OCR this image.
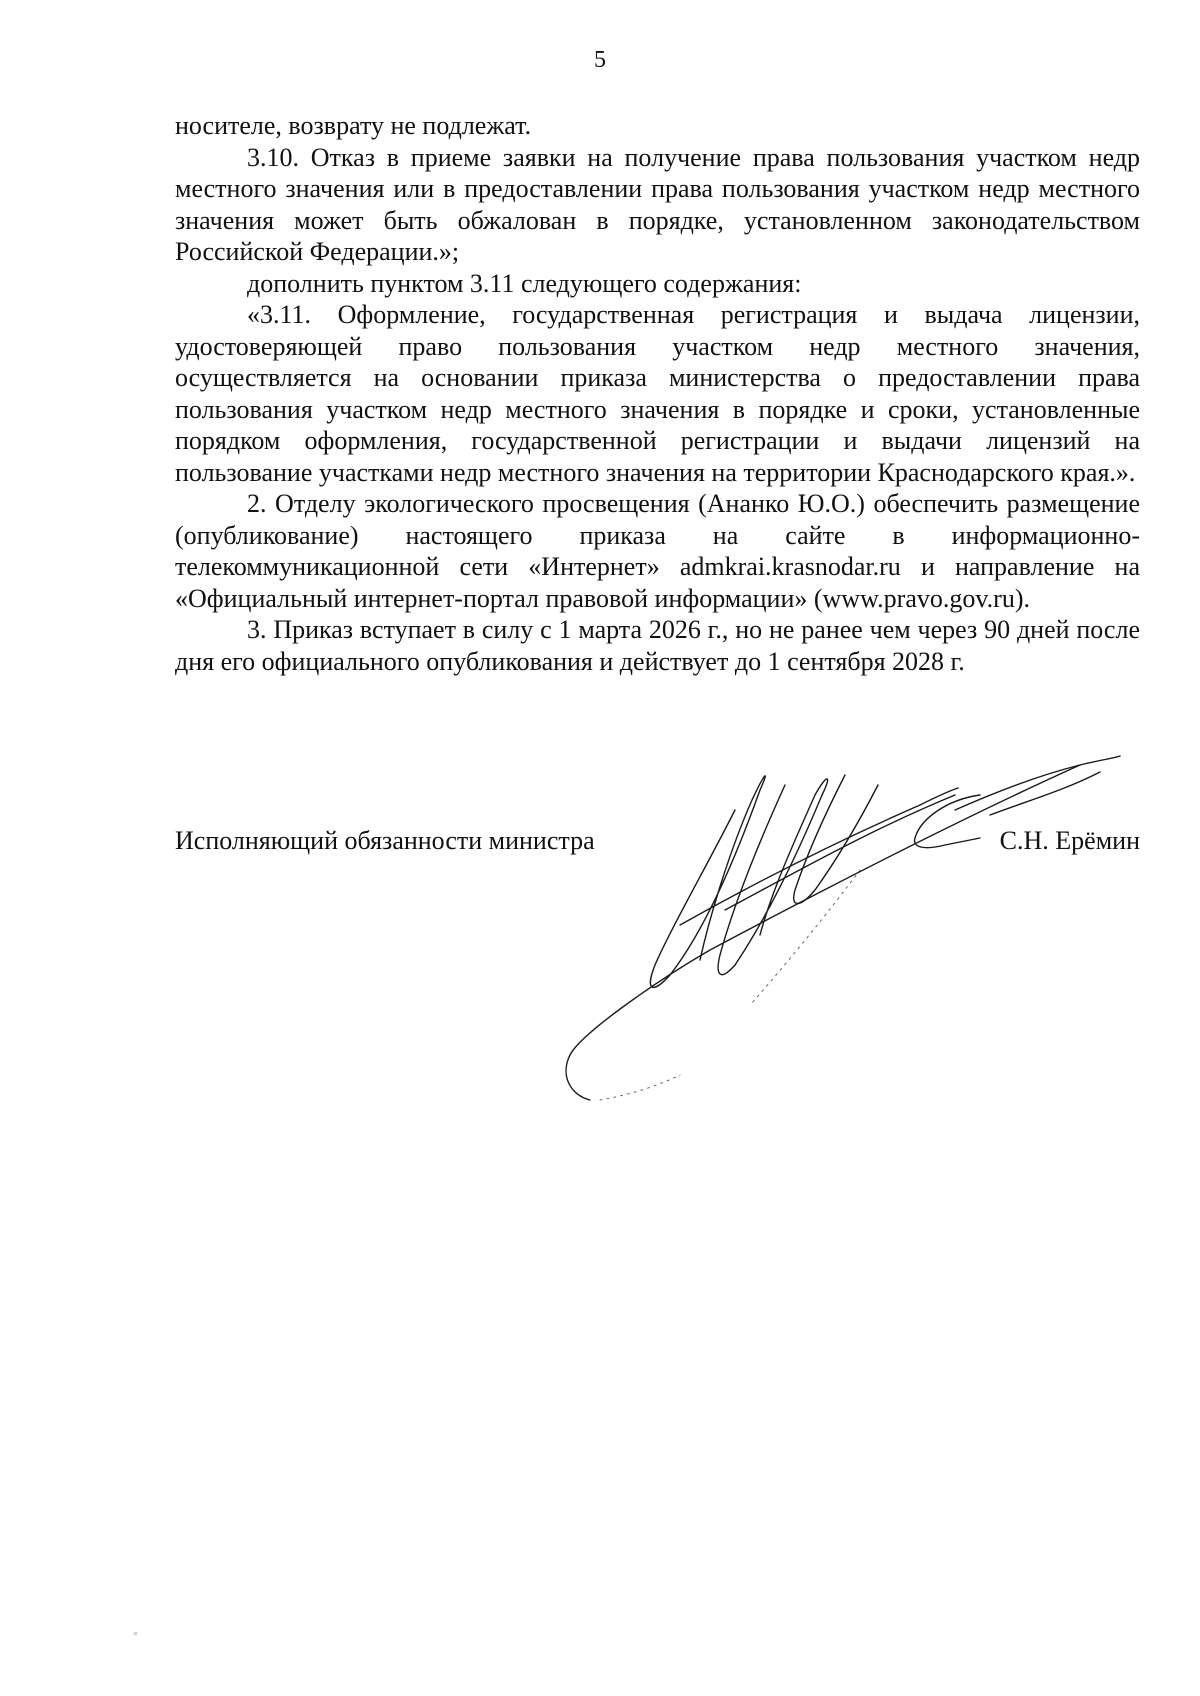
5

носителе, возврату не подлежат.

3.10. Отказ в приеме заявки на получение права пользования участком недр местного значения или в предоставлении права пользования участком недр местного значения может быть обжалован в порядке, установленном законодательством Российской Федерации.»;

дополнить пунктом 3.11 следующего содержания:

«3.11. Оформление, государственная регистрация и выдача лицензии, удостоверяющей право пользования участком недр местного значения, осуществляется на основании приказа министерства о предоставлении права пользования участком недр местного значения в порядке и сроки, установленные порядком оформления, государственной регистрации и выдачи лицензий на пользование участками недр местного значения на территории Краснодарского края.».

2. Отделу экологического просвещения (Ананко Ю.О.) обеспечить размещение (опубликование) настоящего приказа на сайте в информационно-телекоммуникационной сети «Интернет» admkrai.krasnodar.ru и направление на «Официальный интернет-портал правовой информации» (www.pravo.gov.ru).

3. Приказ вступает в силу с 1 марта 2026 г., но не ранее чем через 90 дней после дня его официального опубликования и действует до 1 сентября 2028 г.

Исполняющий обязанности министра	С.Н. Ерёмин
